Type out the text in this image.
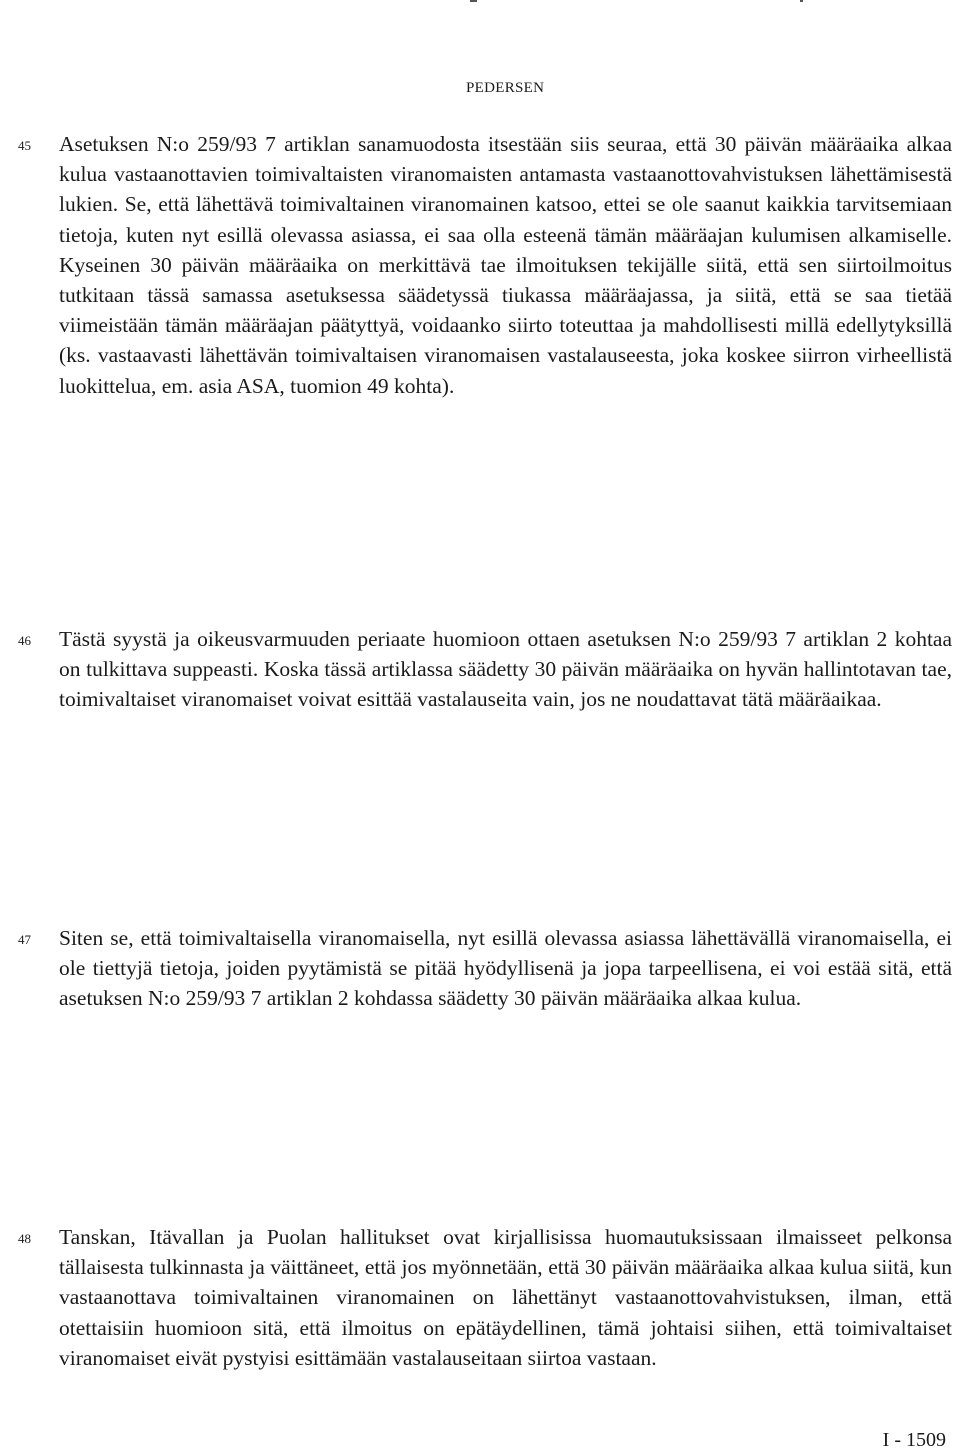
PEDERSEN
45 Asetuksen N:o 259/93 7 artiklan sanamuodosta itsestään siis seuraa, että 30 päivän määräaika alkaa kulua vastaanottavien toimivaltaisten viranomaisten antamasta vastaanottovahvistuksen lähettämisestä lukien. Se, että lähettävä toimivaltainen viranomainen katsoo, ettei se ole saanut kaikkia tarvitsemiaan tietoja, kuten nyt esillä olevassa asiassa, ei saa olla esteenä tämän määräajan kulumisen alkamiselle. Kyseinen 30 päivän määräaika on merkittävä tae ilmoituksen tekijälle siitä, että sen siirtoilmoitus tutkitaan tässä samassa asetuksessa säädetyssä tiukassa määräajassa, ja siitä, että se saa tietää viimeistään tämän määräajan päätyttyä, voidaanko siirto toteuttaa ja mahdollisesti millä edellytyksillä (ks. vastaavasti lähettävän toimivaltaisen viranomaisen vastalauseesta, joka koskee siirron virheellistä luokittelua, em. asia ASA, tuomion 49 kohta).

46 Tästä syystä ja oikeusvarmuuden periaate huomioon ottaen asetuksen N:o 259/93 7 artiklan 2 kohtaa on tulkittava suppeasti. Koska tässä artiklassa säädetty 30 päivän määräaika on hyvän hallintotavan tae, toimivaltaiset viranomaiset voivat esittää vastalauseita vain, jos ne noudattavat tätä määräaikaa.

47 Siten se, että toimivaltaisella viranomaisella, nyt esillä olevassa asiassa lähettävällä viranomaisella, ei ole tiettyjä tietoja, joiden pyytämistä se pitää hyödyllisenä ja jopa tarpeellisena, ei voi estää sitä, että asetuksen N:o 259/93 7 artiklan 2 kohdassa säädetty 30 päivän määräaika alkaa kulua.

48 Tanskan, Itävallan ja Puolan hallitukset ovat kirjallisissa huomautuksissaan ilmaisseet pelkonsa tällaisesta tulkinnasta ja väittäneet, että jos myönnetään, että 30 päivän määräaika alkaa kulua siitä, kun vastaanottava toimivaltainen viranomainen on lähettänyt vastaanottovahvistuksen, ilman, että otettaisiin huomioon sitä, että ilmoitus on epätäydellinen, tämä johtaisi siihen, että toimivaltaiset viranomaiset eivät pystyisi esittämään vastalauseitaan siirtoa vastaan.

I - 1509
